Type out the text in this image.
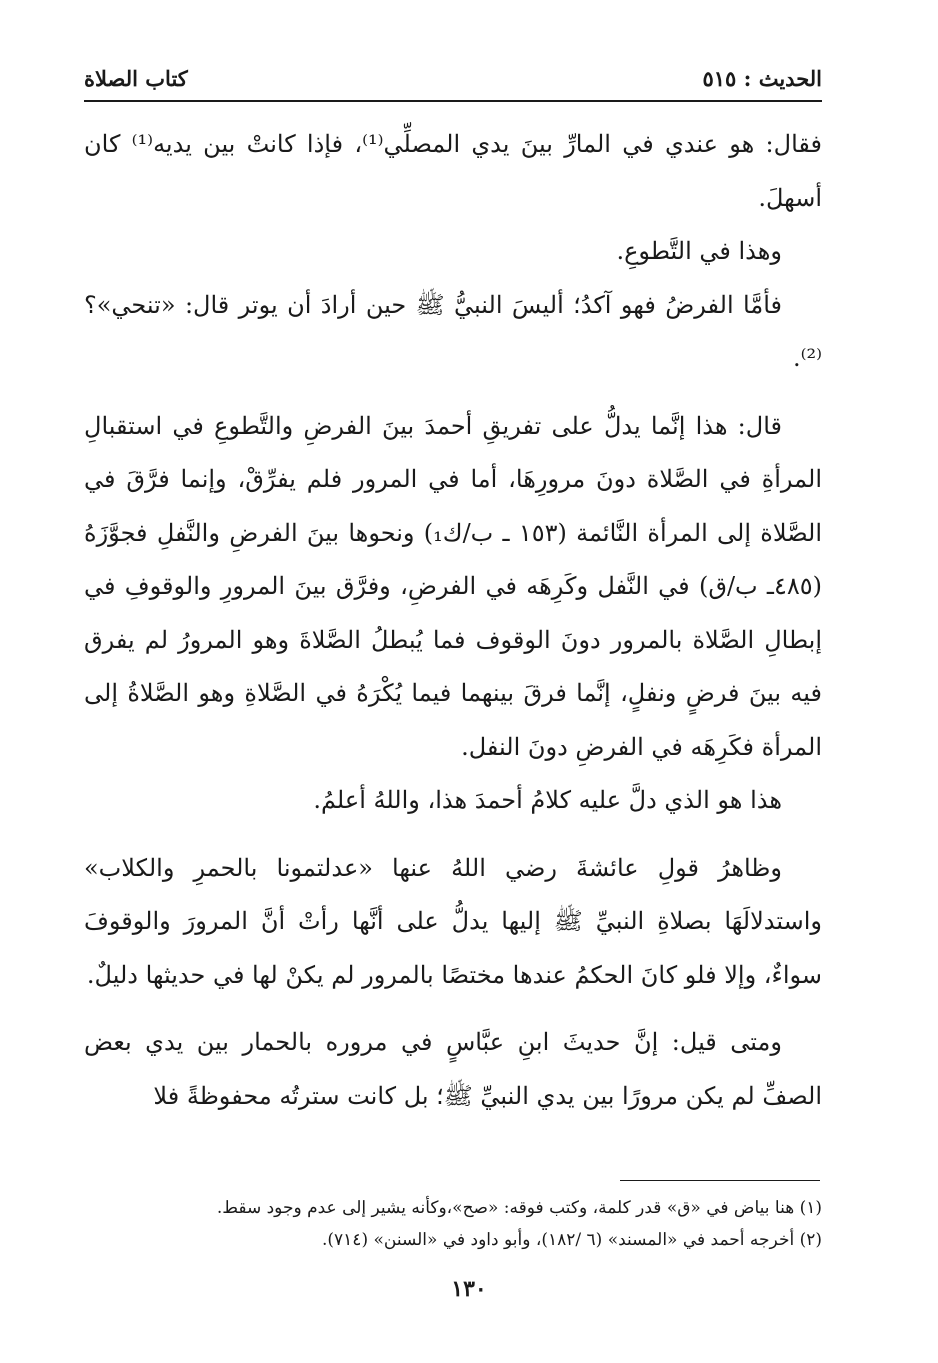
الحديث : ٥١٥
كتاب الصلاة

فقال: هو عندي في المارِّ بينَ يدي المصلِّي⁽¹⁾، فإذا كانتْ بين يديه⁽¹⁾ كان أسهلَ.

وهذا في التَّطوعِ.

فأمَّا الفرضُ فهو آكدُ؛ أليسَ النبيُّ ﷺ حين أرادَ أن يوتر قال: «تنحي»؟⁽²⁾.

قال: هذا إنَّما يدلُّ على تفريقِ أحمدَ بينَ الفرضِ والتَّطوعِ في استقبالِ المرأةِ في الصَّلاة دونَ مرورِهَا، أما في المرور فلم يفرِّقْ، وإنما فرَّقَ في الصَّلاة إلى المرأة النَّائمة (١٥٣ ـ ب/ك₁) ونحوها بينَ الفرضِ والنَّفلِ فجوَّزَهُ (٤٨٥ـ ب/ق) في النَّفل وكَرِهَه في الفرضِ، وفرَّق بينَ المرورِ والوقوفِ في إبطالِ الصَّلاة بالمرور دونَ الوقوف فما يُبطلُ الصَّلاةَ وهو المرورُ لم يفرق فيه بينَ فرضٍ ونفلٍ، إنَّما فرقَ بينهما فيما يُكْرَهُ في الصَّلاةِ وهو الصَّلاةُ إلى المرأة فكَرِهَه في الفرضِ دونَ النفل.

هذا هو الذي دلَّ عليه كلامُ أحمدَ هذا، واللهُ أعلمُ.

وظاهرُ قولِ عائشةَ رضي اللهُ عنها «عدلتمونا بالحمرِ والكلاب» واستدلالَهَا بصلاةِ النبيِّ ﷺ إليها يدلُّ على أنَّها رأتْ أنَّ المرورَ والوقوفَ سواءٌ، وإلا فلو كانَ الحكمُ عندها مختصًا بالمرور لم يكنْ لها في حديثها دليلٌ.

ومتى قيل: إنَّ حديثَ ابنِ عبَّاسٍ في مروره بالحمار بين يدي بعض الصفِّ لم يكن مرورًا بين يدي النبيِّ ﷺ؛ بل كانت سترتُه محفوظةً فلا

(١) هنا بياض في «ق» قدر كلمة، وكتب فوقه: «صح»،وكأنه يشير إلى عدم وجود سقط.

(٢) أخرجه أحمد في «المسند» (٦ /١٨٢)، وأبو داود في «السنن» (٧١٤).

١٣٠
